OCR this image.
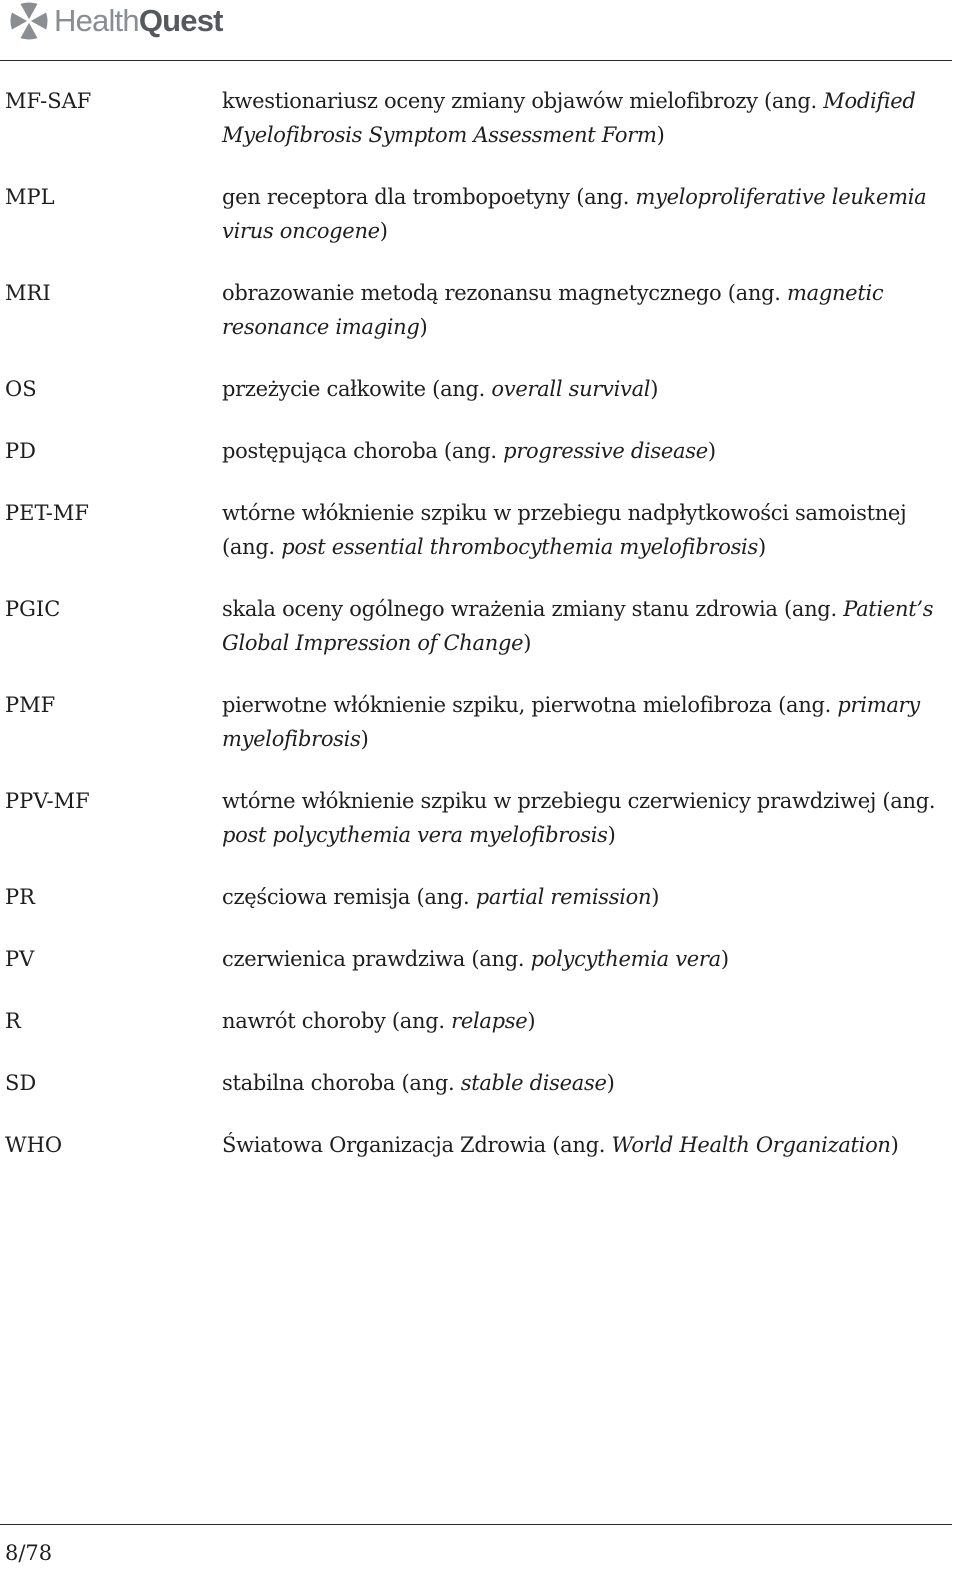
HealthQuest
MF-SAF	kwestionariusz oceny zmiany objawów mielofibrozy (ang. Modified Myelofibrosis Symptom Assessment Form)
MPL	gen receptora dla trombopoetyny (ang. myeloproliferative leukemia virus oncogene)
MRI	obrazowanie metodą rezonansu magnetycznego (ang. magnetic resonance imaging)
OS	przeżycie całkowite (ang. overall survival)
PD	postępująca choroba (ang. progressive disease)
PET-MF	wtórne włóknienie szpiku w przebiegu nadpłytkowości samoistnej (ang. post essential thrombocythemia myelofibrosis)
PGIC	skala oceny ogólnego wrażenia zmiany stanu zdrowia (ang. Patient’s Global Impression of Change)
PMF	pierwotne włóknienie szpiku, pierwotna mielofibroza (ang. primary myelofibrosis)
PPV-MF	wtórne włóknienie szpiku w przebiegu czerwienicy prawdziwej (ang. post polycythemia vera myelofibrosis)
PR	częściowa remisja (ang. partial remission)
PV	czerwienica prawdziwa (ang. polycythemia vera)
R	nawrót choroby (ang. relapse)
SD	stabilna choroba (ang. stable disease)
WHO	Światowa Organizacja Zdrowia (ang. World Health Organization)
8/78
